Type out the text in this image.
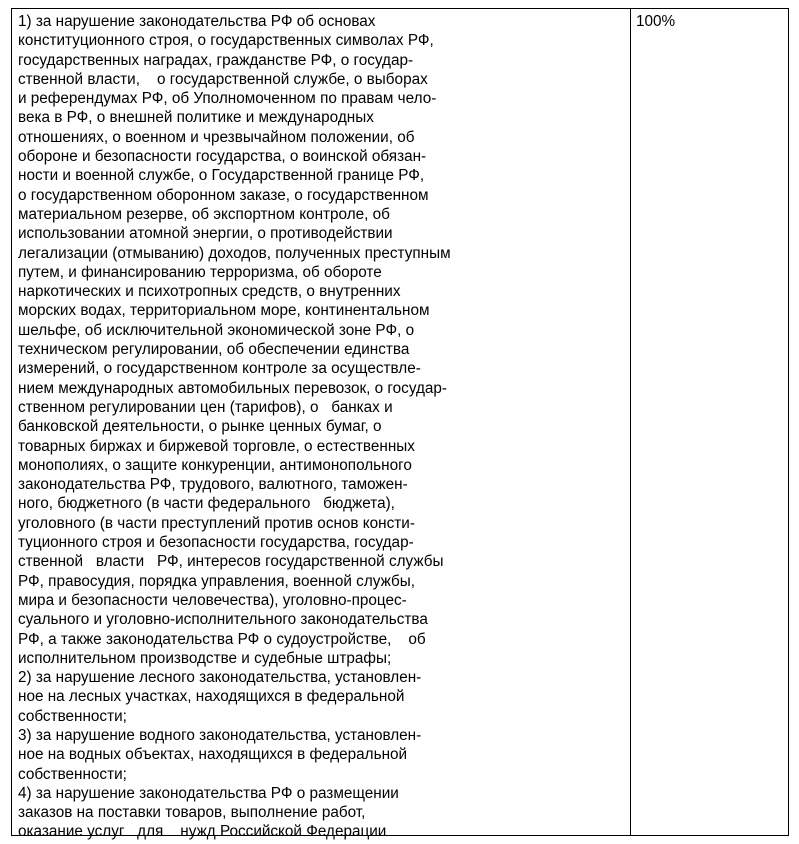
1) за нарушение законодательства РФ об основах
конституционного строя, о государственных символах РФ,
государственных наградах, гражданстве РФ, о государ-
ственной власти,    о государственной службе, о выборах
и референдумах РФ, об Уполномоченном по правам чело-
века в РФ, о внешней политике и международных
отношениях, о военном и чрезвычайном положении, об
обороне и безопасности государства, о воинской обязан-
ности и военной службе, о Государственной границе РФ,
о государственном оборонном заказе, о государственном
материальном резерве, об экспортном контроле, об
использовании атомной энергии, о противодействии
легализации (отмыванию) доходов, полученных преступным
путем, и финансированию терроризма, об обороте
наркотических и психотропных средств, о внутренних
морских водах, территориальном море, континентальном
шельфе, об исключительной экономической зоне РФ, о
техническом регулировании, об обеспечении единства
измерений, о государственном контроле за осуществле-
нием международных автомобильных перевозок, о государ-
ственном регулировании цен (тарифов), о   банках и
банковской деятельности, о рынке ценных бумаг, о
товарных биржах и биржевой торговле, о естественных
монополиях, о защите конкуренции, антимонопольного
законодательства РФ, трудового, валютного, таможен-
ного, бюджетного (в части федерального   бюджета),
уголовного (в части преступлений против основ консти-
туционного строя и безопасности государства, государ-
ственной   власти   РФ, интересов государственной службы
РФ, правосудия, порядка управления, военной службы,
мира и безопасности человечества), уголовно-процес-
суального и уголовно-исполнительного законодательства
РФ, а также законодательства РФ о судоустройстве,    об
исполнительном производстве и судебные штрафы;
2) за нарушение лесного законодательства, установлен-
ное на лесных участках, находящихся в федеральной
собственности;
3) за нарушение водного законодательства, установлен-
ное на водных объектах, находящихся в федеральной
собственности;
4) за нарушение законодательства РФ о размещении
заказов на поставки товаров, выполнение работ,
оказание услуг   для    нужд Российской Федерации
100%
